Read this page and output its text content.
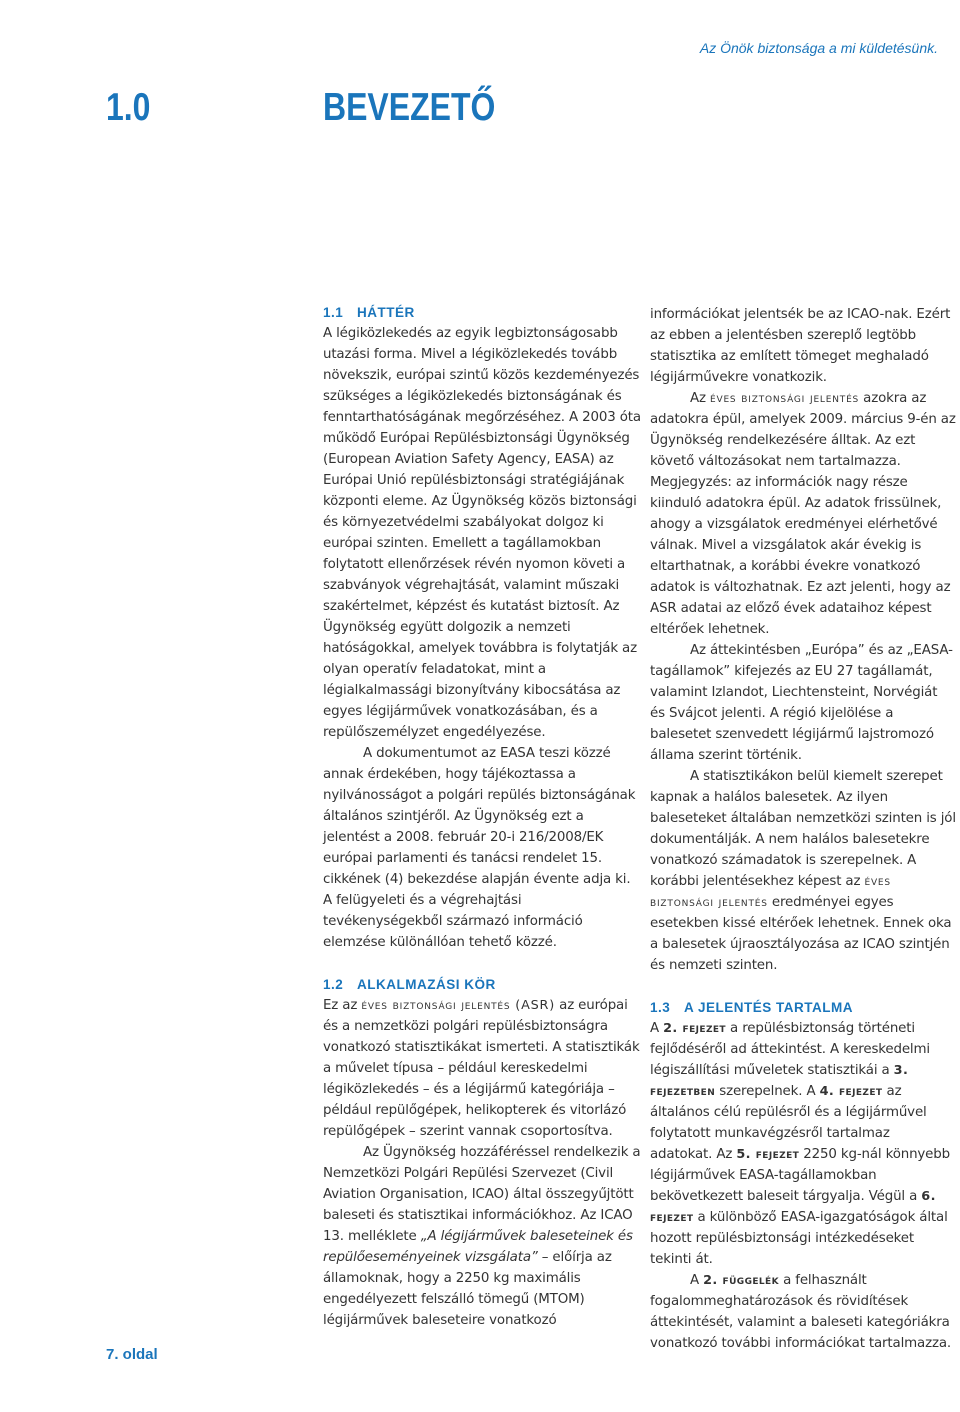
Az Önök biztonsága a mi küldetésünk.
1.0	BEVEZETŐ

1.1 HÁTTÉR

A légiközlekedés az egyik legbiztonságosabb utazási forma. Mivel a légiközlekedés tovább növekszik, európai szintű közös kezdeményezés szükséges a légiközlekedés biztonságának és fenntarthatóságának megőrzéséhez. A 2003 óta működő Európai Repülésbiztonsági Ügynökség (European Aviation Safety Agency, EASA) az Európai Unió repülésbiztonsági stratégiájának központi eleme. Az Ügynökség közös biztonsági és környezetvédelmi szabályokat dolgoz ki európai szinten. Emellett a tagállamokban folytatott ellenőrzések révén nyomon követi a szabványok végrehajtását, valamint műszaki szakértelmet, képzést és kutatást biztosít. Az Ügynökség együtt dolgozik a nemzeti hatóságokkal, amelyek továbbra is folytatják az olyan operatív feladatokat, mint a légialkalmassági bizonyítvány kibocsátása az egyes légijárművek vonatkozásában, és a repülőszemélyzet engedélyezése.

A dokumentumot az EASA teszi közzé annak érdekében, hogy tájékoztassa a nyilvánosságot a polgári repülés biztonságának általános szintjéről. Az Ügynökség ezt a jelentést a 2008. február 20-i 216/2008/EK európai parlamenti és tanácsi rendelet 15. cikkének (4) bekezdése alapján évente adja ki. A felügyeleti és a végrehajtási tevékenységekből származó információ elemzése különállóan tehető közzé.

1.2 ALKALMAZÁSI KÖR

Ez az éves biztonsági jelentés (ASR) az európai és a nemzetközi polgári repülésbiztonságra vonatkozó statisztikákat ismerteti. A statisztikák a művelet típusa – például kereskedelmi légiközlekedés – és a légijármű kategóriája – például repülőgépek, helikopterek és vitorlázó repülőgépek – szerint vannak csoportosítva.

Az Ügynökség hozzáféréssel rendelkezik a Nemzetközi Polgári Repülési Szervezet (Civil Aviation Organisation, ICAO) által összegyűjtött baleseti és statisztikai információkhoz. Az ICAO 13. melléklete „A légijárművek baleseteinek és repülőeseményeinek vizsgálata” – előírja az államoknak, hogy a 2250 kg maximális engedélyezett felszálló tömegű (MTOM) légijárművek baleseteire vonatkozó

információkat jelentsék be az ICAO-nak. Ezért az ebben a jelentésben szereplő legtöbb statisztika az említett tömeget meghaladó légijárművekre vonatkozik.

Az éves biztonsági jelentés azokra az adatokra épül, amelyek 2009. március 9-én az Ügynökség rendelkezésére álltak. Az ezt követő változásokat nem tartalmazza. Megjegyzés: az információk nagy része kiinduló adatokra épül. Az adatok frissülnek, ahogy a vizsgálatok eredményei elérhetővé válnak. Mivel a vizsgálatok akár évekig is eltarthatnak, a korábbi évekre vonatkozó adatok is változhatnak. Ez azt jelenti, hogy az ASR adatai az előző évek adataihoz képest eltérőek lehetnek.

Az áttekintésben „Európa” és az „EASA-tagállamok” kifejezés az EU 27 tagállamát, valamint Izlandot, Liechtensteint, Norvégiát és Svájcot jelenti. A régió kijelölése a balesetet szenvedett légijármű lajstromozó állama szerint történik.

A statisztikákon belül kiemelt szerepet kapnak a halálos balesetek. Az ilyen baleseteket általában nemzetközi szinten is jól dokumentálják. A nem halálos balesetekre vonatkozó számadatok is szerepelnek. A korábbi jelentésekhez képest az éves biztonsági jelentés eredményei egyes esetekben kissé eltérőek lehetnek. Ennek oka a balesetek újraosztályozása az ICAO szintjén és nemzeti szinten.

1.3 A JELENTÉS TARTALMA

A 2. fejezet a repülésbiztonság történeti fejlődéséről ad áttekintést. A kereskedelmi légiszállítási műveletek statisztikái a 3. fejezetben szerepelnek. A 4. fejezet az általános célú repülésről és a légijárművel folytatott munkavégzésről tartalmaz adatokat. Az 5. fejezet 2250 kg-nál könnyebb légijárművek EASA-tagállamokban bekövetkezett baleseit tárgyalja. Végül a 6. fejezet a különböző EASA-igazgatóságok által hozott repülésbiztonsági intézkedéseket tekinti át.

A 2. függelék a felhasznált fogalommeghatározások és rövidítések áttekintését, valamint a baleseti kategóriákra vonatkozó további információkat tartalmazza.

7. oldal
